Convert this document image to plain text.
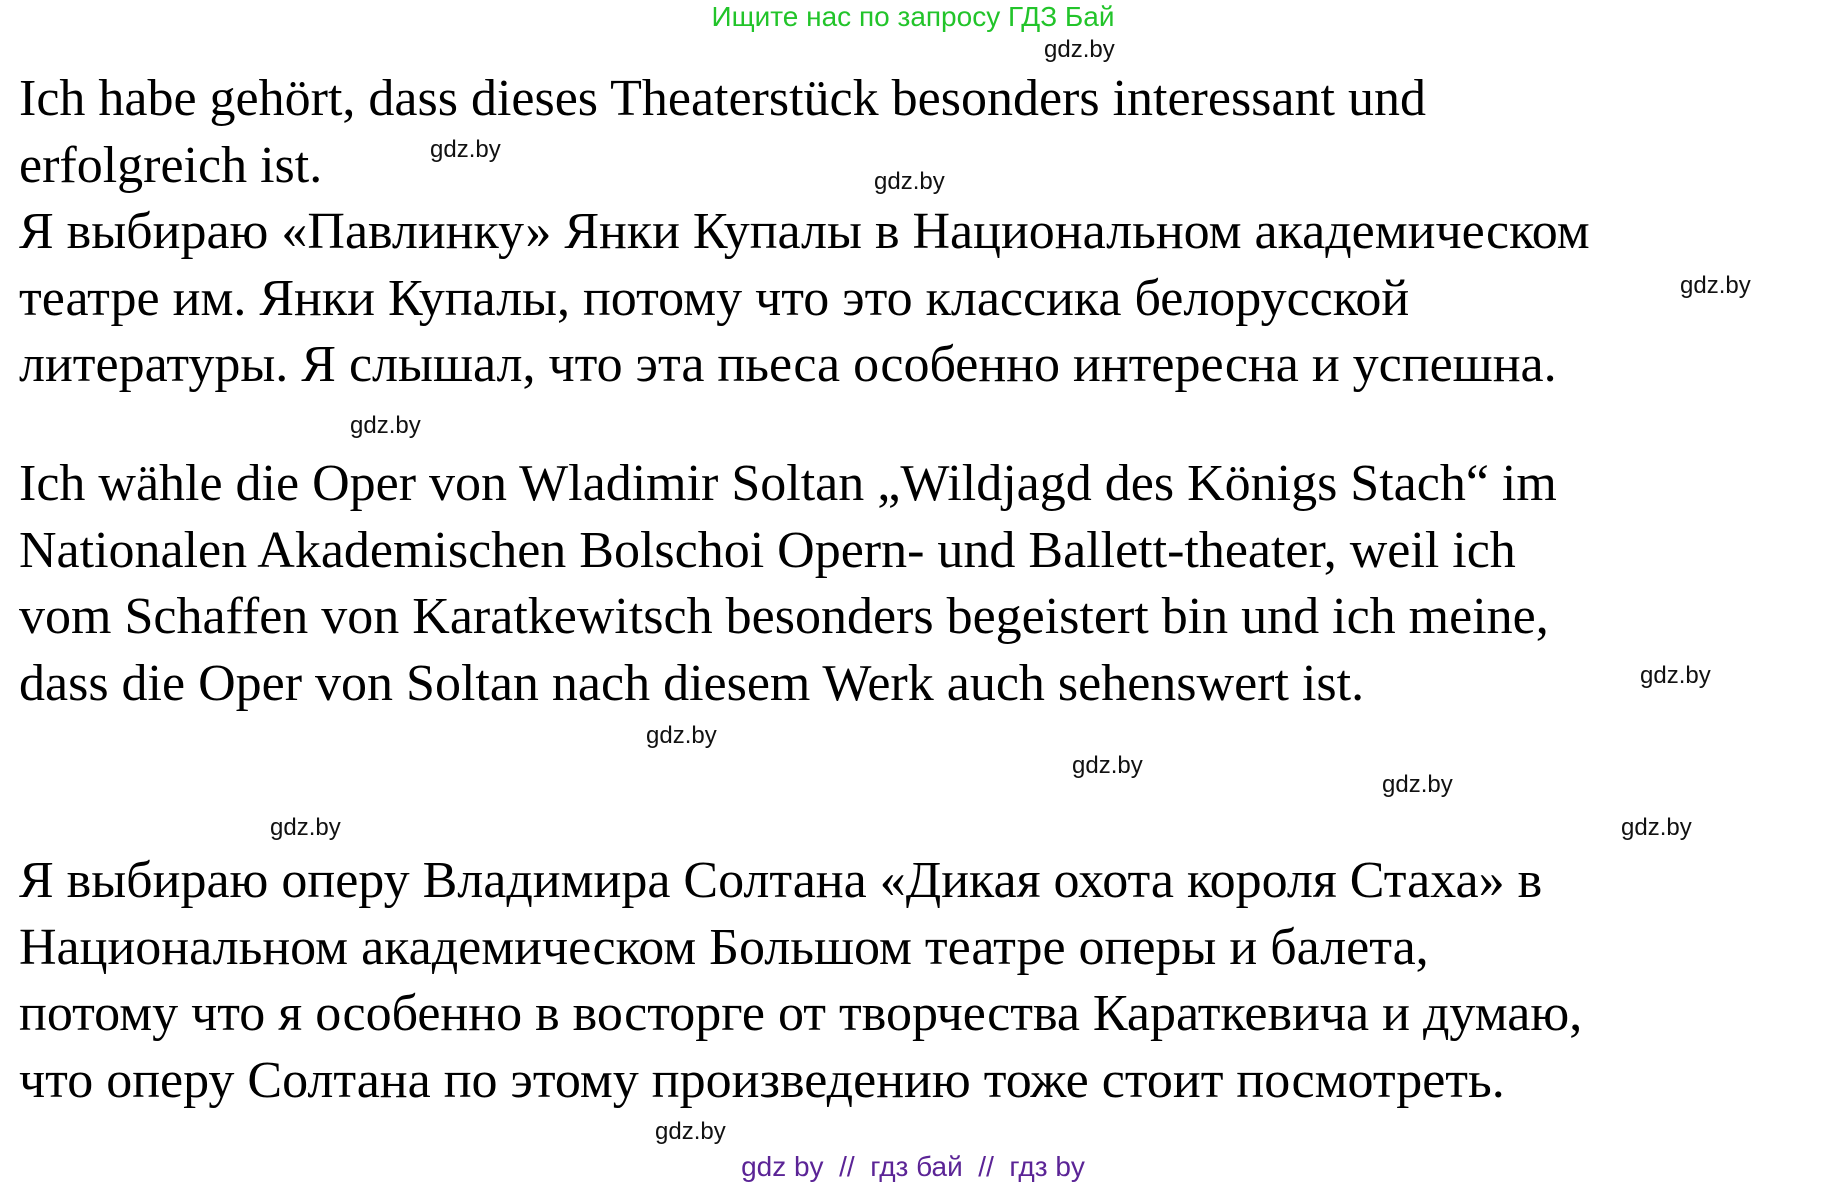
Ищите нас по запросу ГДЗ Бай
Ich habe gehört, dass dieses Theaterstück besonders interessant und
erfolgreich ist.
Я выбираю «Павлинку» Янки Купалы в Национальном академическом
театре им. Янки Купалы, потому что это классика белорусской
литературы. Я слышал, что эта пьеса особенно интересна и успешна.
Ich wähle die Oper von Wladimir Soltan „Wildjagd des Königs Stach“ im
Nationalen Akademischen Bolschoi Opern- und Ballett-theater, weil ich
vom Schaffen von Karatkewitsch besonders begeistert bin und ich meine,
dass die Oper von Soltan nach diesem Werk auch sehenswert ist.
Я выбираю оперу Владимира Солтана «Дикая охота короля Стаха» в
Национальном академическом Большом театре оперы и балета,
потому что я особенно в восторге от творчества Караткевича и думаю,
что оперу Солтана по этому произведению тоже стоит посмотреть.
gdz.by
gdz.by
gdz.by
gdz.by
gdz.by
gdz.by
gdz.by
gdz.by
gdz.by	gdz.by
gdz.by
gdz.by
gdz by  //  гдз бай  //  гдз by
